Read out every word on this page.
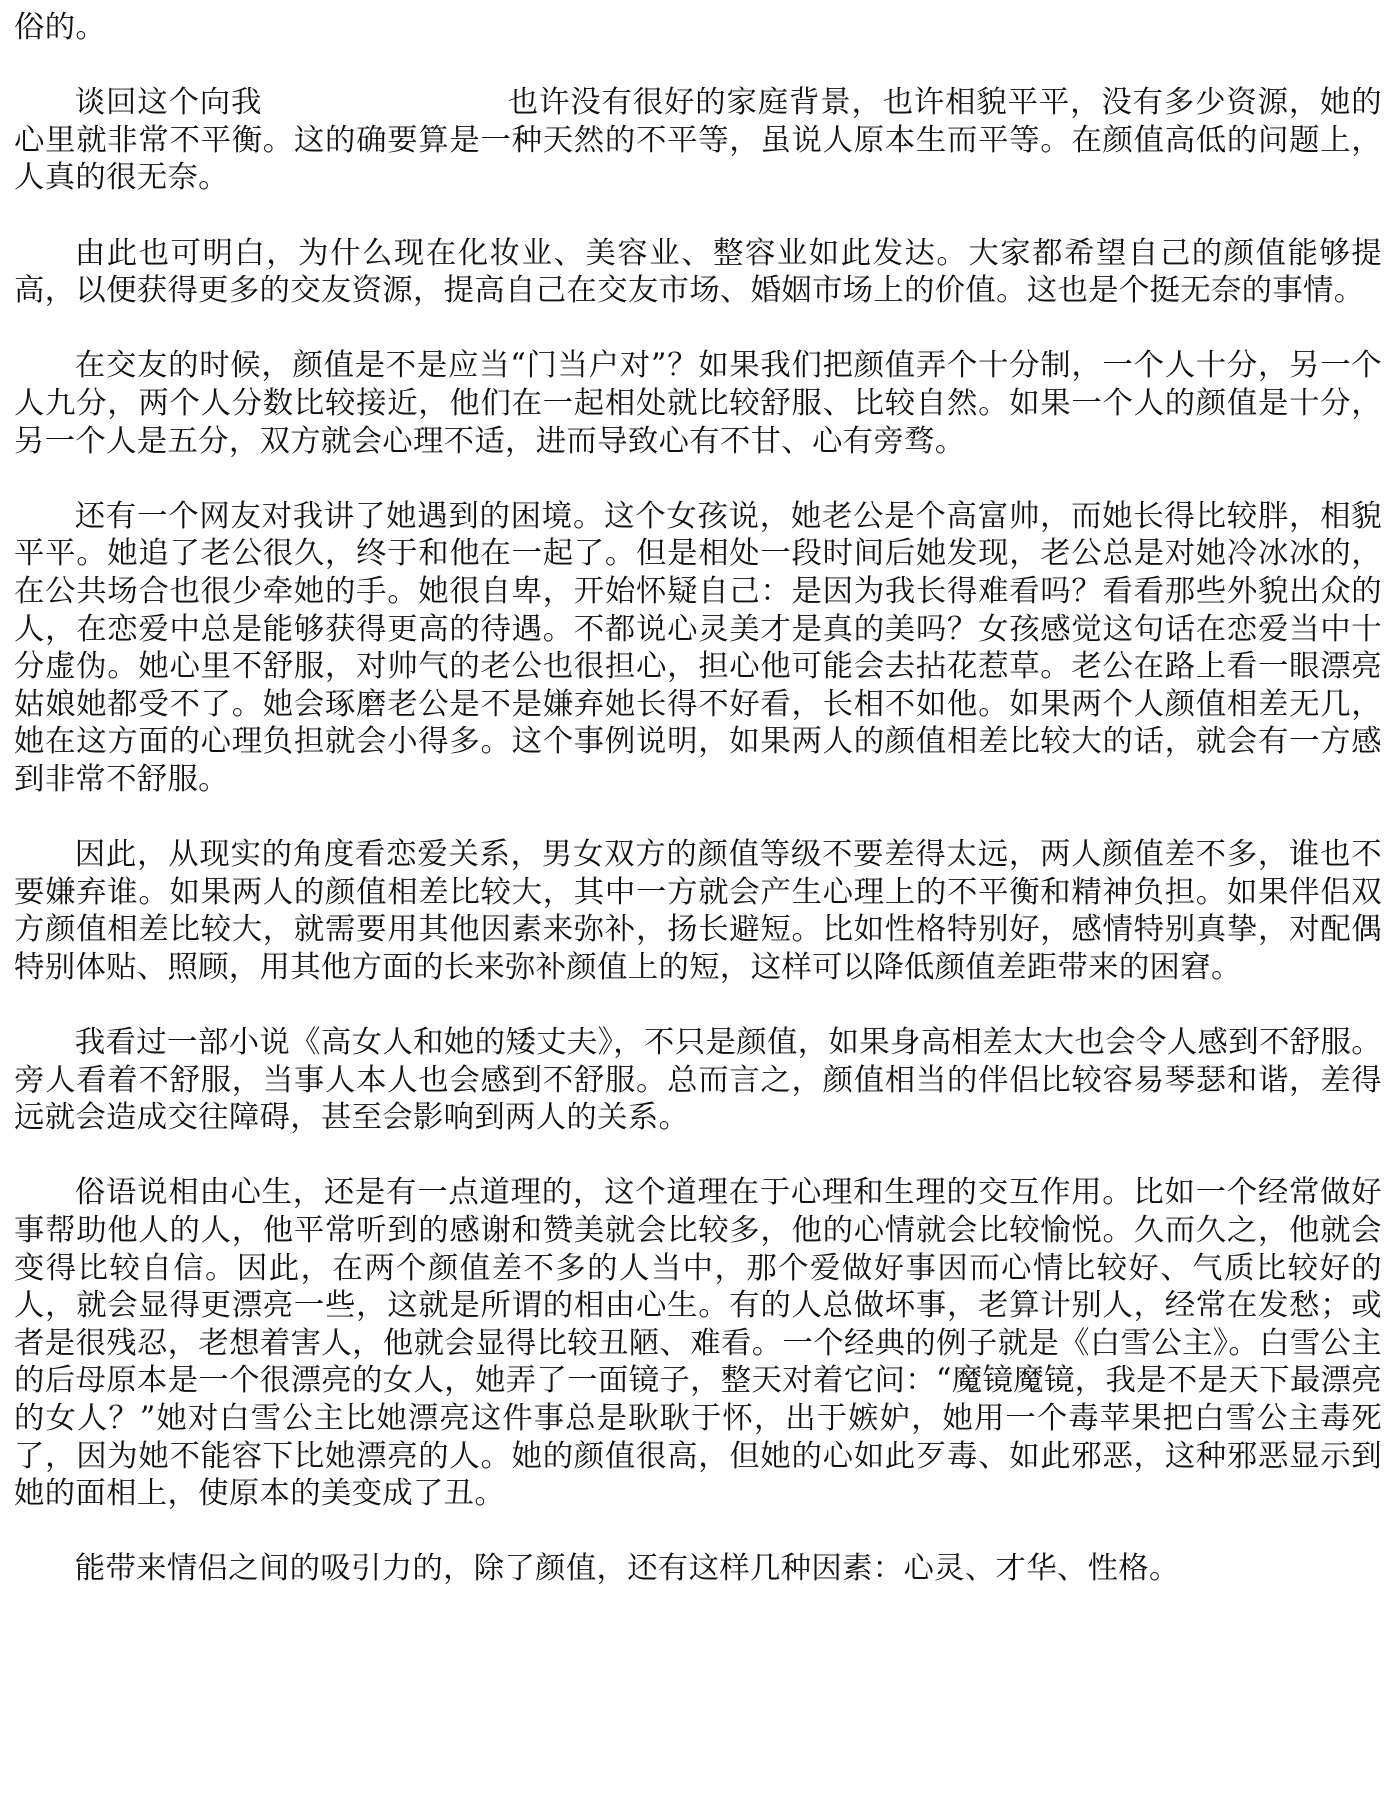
俗的。

谈回这个向我	也许没有很好的家庭背景，也许相貌平平，没有多少资源，她的心里就非常不平衡。这的确要算是一种天然的不平等，虽说人原本生而平等。在颜值高低的问题上，人真的很无奈。

由此也可明白，为什么现在化妆业、美容业、整容业如此发达。大家都希望自己的颜值能够提高，以便获得更多的交友资源，提高自己在交友市场、婚姻市场上的价值。这也是个挺无奈的事情。

在交友的时候，颜值是不是应当“门当户对”？如果我们把颜值弄个十分制，一个人十分，另一个人九分，两个人分数比较接近，他们在一起相处就比较舒服、比较自然。如果一个人的颜值是十分，另一个人是五分，双方就会心理不适，进而导致心有不甘、心有旁骛。

还有一个网友对我讲了她遇到的困境。这个女孩说，她老公是个高富帅，而她长得比较胖，相貌平平。她追了老公很久，终于和他在一起了。但是相处一段时间后她发现，老公总是对她冷冰冰的，在公共场合也很少牵她的手。她很自卑，开始怀疑自己：是因为我长得难看吗？看看那些外貌出众的人，在恋爱中总是能够获得更高的待遇。不都说心灵美才是真的美吗？女孩感觉这句话在恋爱当中十分虚伪。她心里不舒服，对帅气的老公也很担心，担心他可能会去拈花惹草。老公在路上看一眼漂亮姑娘她都受不了。她会琢磨老公是不是嫌弃她长得不好看，长相不如他。如果两个人颜值相差无几，她在这方面的心理负担就会小得多。这个事例说明，如果两人的颜值相差比较大的话，就会有一方感到非常不舒服。

因此，从现实的角度看恋爱关系，男女双方的颜值等级不要差得太远，两人颜值差不多，谁也不要嫌弃谁。如果两人的颜值相差比较大，其中一方就会产生心理上的不平衡和精神负担。如果伴侣双方颜值相差比较大，就需要用其他因素来弥补，扬长避短。比如性格特别好，感情特别真挚，对配偶特别体贴、照顾，用其他方面的长来弥补颜值上的短，这样可以降低颜值差距带来的困窘。

我看过一部小说《高女人和她的矮丈夫》，不只是颜值，如果身高相差太大也会令人感到不舒服。旁人看着不舒服，当事人本人也会感到不舒服。总而言之，颜值相当的伴侣比较容易琴瑟和谐，差得远就会造成交往障碍，甚至会影响到两人的关系。

俗语说相由心生，还是有一点道理的，这个道理在于心理和生理的交互作用。比如一个经常做好事帮助他人的人，他平常听到的感谢和赞美就会比较多，他的心情就会比较愉悦。久而久之，他就会变得比较自信。因此，在两个颜值差不多的人当中，那个爱做好事因而心情比较好、气质比较好的人，就会显得更漂亮一些，这就是所谓的相由心生。有的人总做坏事，老算计别人，经常在发愁；或者是很残忍，老想着害人，他就会显得比较丑陋、难看。一个经典的例子就是《白雪公主》。白雪公主的后母原本是一个很漂亮的女人，她弄了一面镜子，整天对着它问：“魔镜魔镜，我是不是天下最漂亮的女人？”她对白雪公主比她漂亮这件事总是耿耿于怀，出于嫉妒，她用一个毒苹果把白雪公主毒死了，因为她不能容下比她漂亮的人。她的颜值很高，但她的心如此歹毒、如此邪恶，这种邪恶显示到她的面相上，使原本的美变成了丑。

能带来情侣之间的吸引力的，除了颜值，还有这样几种因素：心灵、才华、性格。
